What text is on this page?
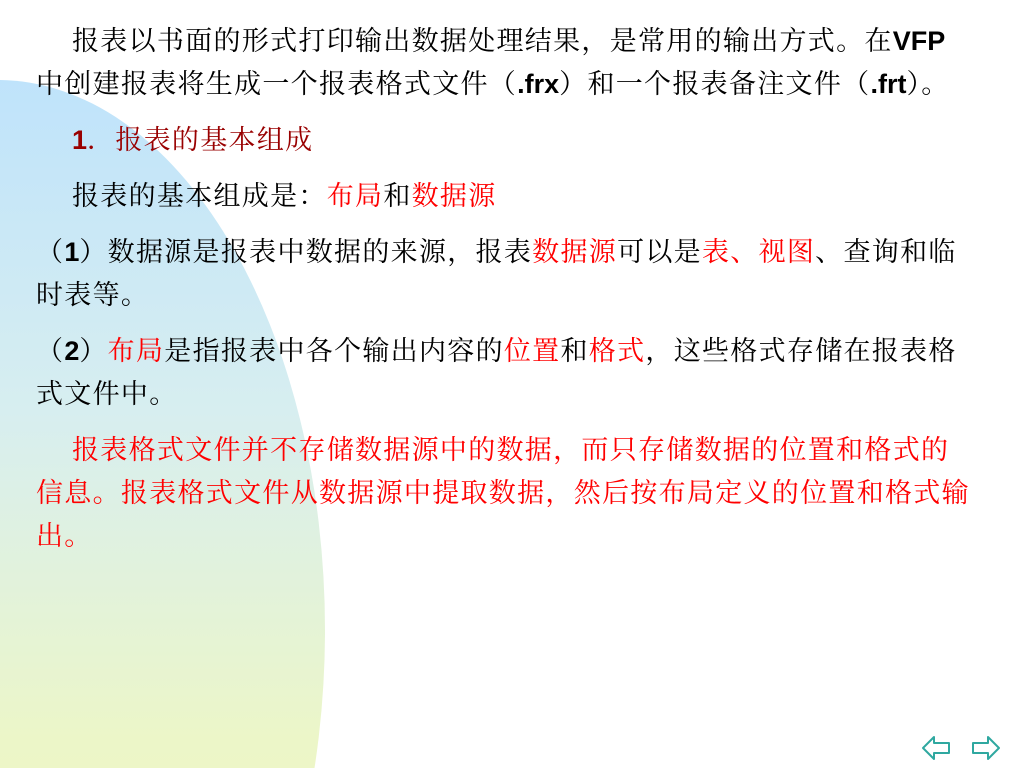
报表以书面的形式打印输出数据处理结果，是常用的输出方式。在VFP中创建报表将生成一个报表格式文件（.frx）和一个报表备注文件（.frt）。

1．报表的基本组成

报表的基本组成是：布局和数据源

（1）数据源是报表中数据的来源，报表数据源可以是表、视图、查询和临时表等。

（2）布局是指报表中各个输出内容的位置和格式，这些格式存储在报表格式文件中。

报表格式文件并不存储数据源中的数据，而只存储数据的位置和格式的信息。报表格式文件从数据源中提取数据，然后按布局定义的位置和格式输出。
